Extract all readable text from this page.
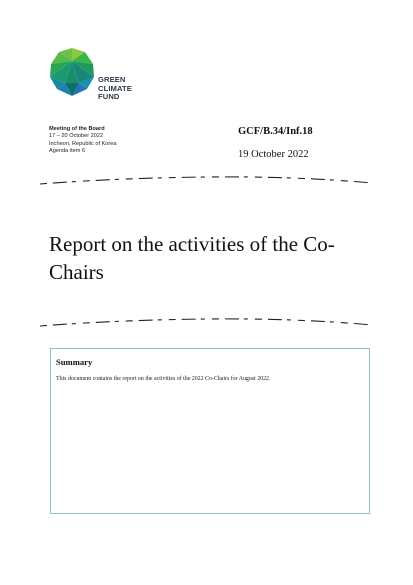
GREEN
CLIMATE
FUND
Meeting of the Board
17 – 20 October 2022
Incheon, Republic of Korea
Agenda item 6
GCF/B.34/Inf.18
19 October 2022
Report on the activities of the Co-Chairs
Summary
This document contains the report on the activities of the 2022 Co-Chairs for August 2022.
